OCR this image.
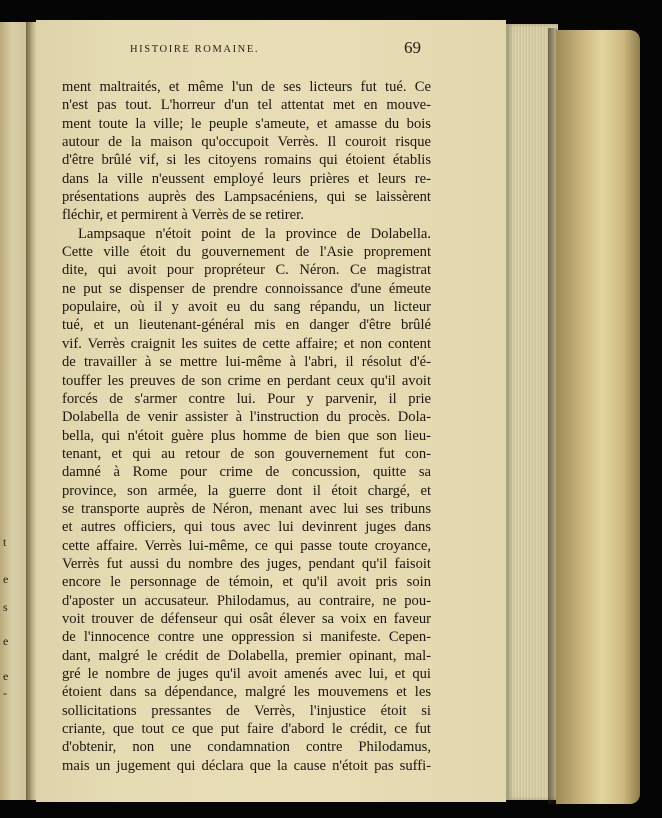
t
e
s
e
e
-
HISTOIRE ROMAINE.	69
ment maltraités, et même l'un de ses licteurs fut tué. Ce
n'est pas tout. L'horreur d'un tel attentat met en mouve-
ment toute la ville; le peuple s'ameute, et amasse du bois
autour de la maison qu'occupoit Verrès. Il couroit risque
d'être brûlé vif, si les citoyens romains qui étoient établis
dans la ville n'eussent employé leurs prières et leurs re-
présentations auprès des Lampsacéniens, qui se laissèrent
fléchir, et permirent à Verrès de se retirer.
Lampsaque n'étoit point de la province de Dolabella.
Cette ville étoit du gouvernement de l'Asie proprement
dite, qui avoit pour propréteur C. Néron. Ce magistrat
ne put se dispenser de prendre connoissance d'une émeute
populaire, où il y avoit eu du sang répandu, un licteur
tué, et un lieutenant-général mis en danger d'être brûlé
vif. Verrès craignit les suites de cette affaire; et non content
de travailler à se mettre lui-même à l'abri, il résolut d'é-
touffer les preuves de son crime en perdant ceux qu'il avoit
forcés de s'armer contre lui. Pour y parvenir, il prie
Dolabella de venir assister à l'instruction du procès. Dola-
bella, qui n'étoit guère plus homme de bien que son lieu-
tenant, et qui au retour de son gouvernement fut con-
damné à Rome pour crime de concussion, quitte sa
province, son armée, la guerre dont il étoit chargé, et
se transporte auprès de Néron, menant avec lui ses tribuns
et autres officiers, qui tous avec lui devinrent juges dans
cette affaire. Verrès lui-même, ce qui passe toute croyance,
Verrès fut aussi du nombre des juges, pendant qu'il faisoit
encore le personnage de témoin, et qu'il avoit pris soin
d'aposter un accusateur. Philodamus, au contraire, ne pou-
voit trouver de défenseur qui osât élever sa voix en faveur
de l'innocence contre une oppression si manifeste. Cepen-
dant, malgré le crédit de Dolabella, premier opinant, mal-
gré le nombre de juges qu'il avoit amenés avec lui, et qui
étoient dans sa dépendance, malgré les mouvemens et les
sollicitations pressantes de Verrès, l'injustice étoit si
criante, que tout ce que put faire d'abord le crédit, ce fut
d'obtenir, non une condamnation contre Philodamus,
mais un jugement qui déclara que la cause n'étoit pas suffi-
